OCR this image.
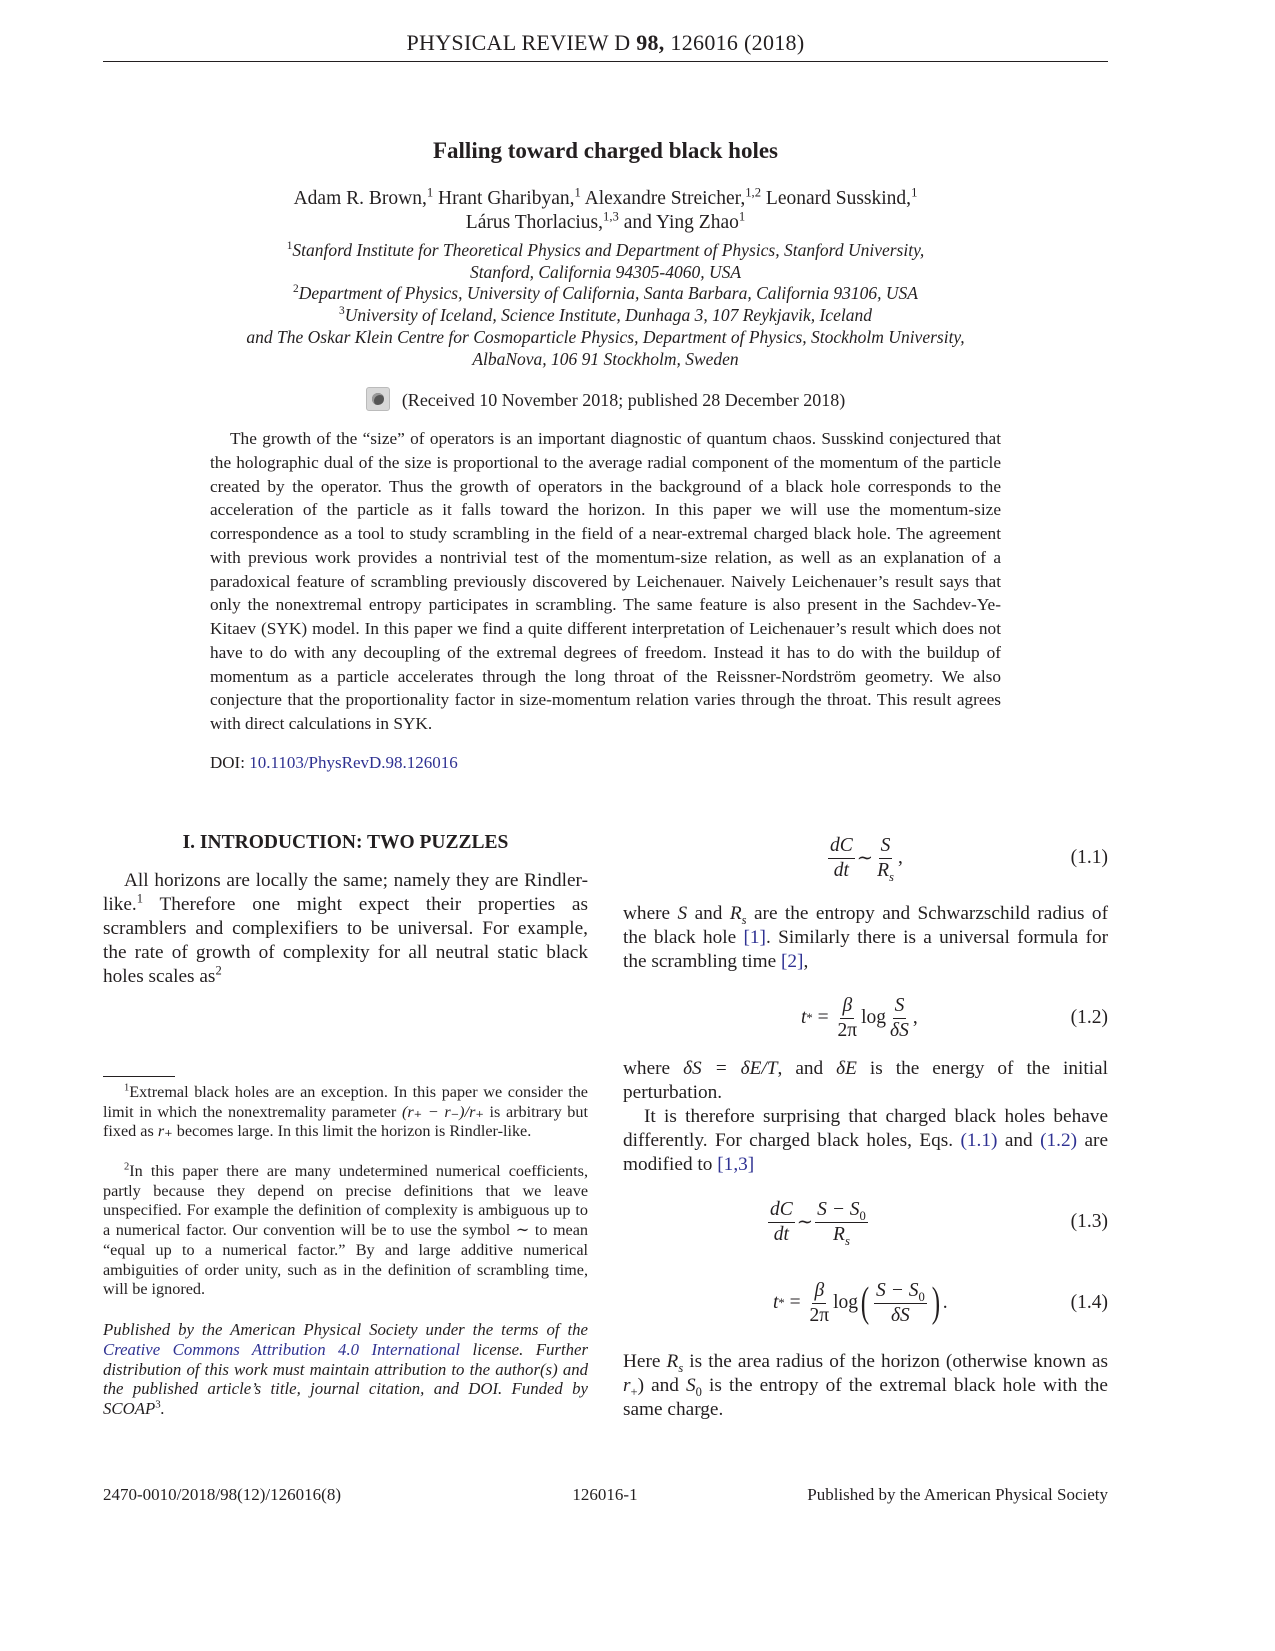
PHYSICAL REVIEW D 98, 126016 (2018)
Falling toward charged black holes
Adam R. Brown,$^1$ Hrant Gharibyan,$^1$ Alexandre Streicher,$^{1,2}$ Leonard Susskind,$^1$
Lárus Thorlacius,$^{1,3}$ and Ying Zhao$^1$
$^1$Stanford Institute for Theoretical Physics and Department of Physics, Stanford University,
Stanford, California 94305-4060, USA
$^2$Department of Physics, University of California, Santa Barbara, California 93106, USA
$^3$University of Iceland, Science Institute, Dunhaga 3, 107 Reykjavik, Iceland
and The Oskar Klein Centre for Cosmoparticle Physics, Department of Physics, Stockholm University,
AlbaNova, 106 91 Stockholm, Sweden
(Received 10 November 2018; published 28 December 2018)
The growth of the “size” of operators is an important diagnostic of quantum chaos. Susskind conjectured that the holographic dual of the size is proportional to the average radial component of the momentum of the particle created by the operator. Thus the growth of operators in the background of a black hole corresponds to the acceleration of the particle as it falls toward the horizon. In this paper we will use the momentum-size correspondence as a tool to study scrambling in the field of a near-extremal charged black hole. The agreement with previous work provides a nontrivial test of the momentum-size relation, as well as an explanation of a paradoxical feature of scrambling previously discovered by Leichenauer. Naively Leichenauer’s result says that only the nonextremal entropy participates in scrambling. The same feature is also present in the Sachdev-Ye-Kitaev (SYK) model. In this paper we find a quite different interpretation of Leichenauer’s result which does not have to do with any decoupling of the extremal degrees of freedom. Instead it has to do with the buildup of momentum as a particle accelerates through the long throat of the Reissner-Nordström geometry. We also conjecture that the proportionality factor in size-momentum relation varies through the throat. This result agrees with direct calculations in SYK.
DOI: 10.1103/PhysRevD.98.126016
I. INTRODUCTION: TWO PUZZLES
All horizons are locally the same; namely they are Rindler-like.$^1$ Therefore one might expect their properties as scramblers and complexifiers to be universal. For example, the rate of growth of complexity for all neutral static black holes scales $as^2$
$^1$Extremal black holes are an exception. In this paper we consider the limit in which the nonextremality parameter (r₊ − r₋)/r₊ is arbitrary but fixed as r₊ becomes large. In this limit the horizon is Rindler-like.
$^2$In this paper there are many undetermined numerical coefficients, partly because they depend on precise definitions that we leave unspecified. For example the definition of complexity is ambiguous up to a numerical factor. Our convention will be to use the symbol ∼ to mean “equal up to a numerical factor.” By and large additive numerical ambiguities of order unity, such as in the definition of scrambling time, will be ignored.
Published by the American Physical Society under the terms of the Creative Commons Attribution 4.0 International license. Further distribution of this work must maintain attribution to the author(s) and the published article’s title, journal citation, and DOI. Funded by SCOAP$^3$.
$\frac{dC}{dt}$ ∼ $\frac{S}{R_s}$ ,	(1.1)
where S and $R_s$ are the entropy and Schwarzschild radius of the black hole [1]. Similarly there is a universal formula for the scrambling time [2],
t *
=
$\frac{\beta}{2\pi}$ $\log \frac{S}{\delta S}$ ,	(1.2)
where δS = δE/T, and δE is the energy of the initial perturbation.
It is therefore surprising that charged black holes behave differently. For charged black holes, Eqs. (1.1) and (1.2) are modified to [1,3]
$\frac{dC}{dt}$ ∼ $\frac{S - S_0}{R_s}$	(1.3)
t *
=
$\frac{\beta}{2\pi}$ log ( $\frac{S - S_0}{\delta S}$ ) .	(1.4)
Here $R_s$ is the area radius of the horizon (otherwise known as $r_+$) and $S_0$ is the entropy of the extremal black hole with the same charge.
2470-0010/2018/98(12)/126016(8)	126016-1	Published by the American Physical Society
